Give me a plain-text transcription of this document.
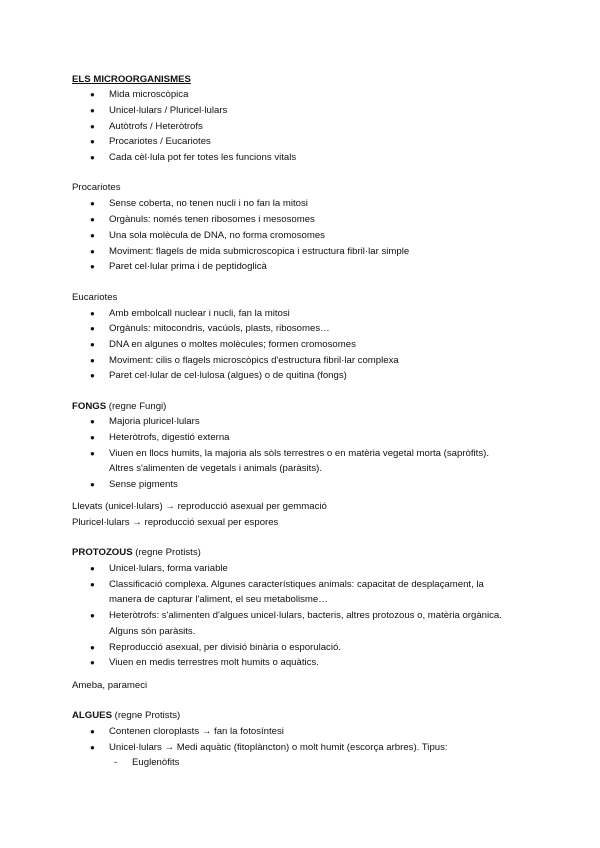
ELS MICROORGANISMES
● Mida microscòpica
● Unicel·lulars / Pluricel·lulars
● Autòtrofs / Heteròtrofs
● Procariotes / Eucariotes
● Cada cèl·lula pot fer totes les funcions vitals
Procariotes
● Sense coberta, no tenen nucli i no fan la mitosi
● Orgànuls: només tenen ribosomes i mesosomes
● Una sola molècula de DNA, no forma cromosomes
● Moviment: flagels de mida submicroscopica i estructura fibril·lar simple
● Paret cel·lular prima i de peptidoglicà
Eucariotes
● Amb embolcall nuclear i nucli, fan la mitosi
● Orgànuls: mitocondris, vacúols, plasts, ribosomes…
● DNA en algunes o moltes molècules; formen cromosomes
● Moviment: cilis o flagels microscòpics d'estructura fibril·lar complexa
● Paret cel·lular de cel·lulosa (algues) o de quitina (fongs)
FONGS (regne Fungi)
● Majoria pluricel·lulars
● Heteròtrofs, digestió externa
● Viuen en llocs humits, la majoria als sòls terrestres o en matèria vegetal morta (sapròfits).
Altres s'alimenten de vegetals i animals (paràsits).
● Sense pigments
Llevats (unicel·lulars) → reproducció asexual per gemmació
Pluricel·lulars → reproducció sexual per espores
PROTOZOUS (regne Protists)
● Unicel·lulars, forma variable
● Classificació complexa. Algunes característiques animals: capacitat de desplaçament, la
manera de capturar l'aliment, el seu metabolisme…
● Heteròtrofs: s'alimenten d'algues unicel·lulars, bacteris, altres protozous o, matèria orgànica.
Alguns són paràsits.
● Reproducció asexual, per divisió binària o esporulació.
● Viuen en medis terrestres molt humits o aquàtics.
Ameba, parameci
ALGUES (regne Protists)
● Contenen cloroplasts → fan la fotosíntesi
● Unicel·lulars → Medi aquàtic (fitoplàncton) o molt humit (escorça arbres). Tipus:
- Euglenòfits
